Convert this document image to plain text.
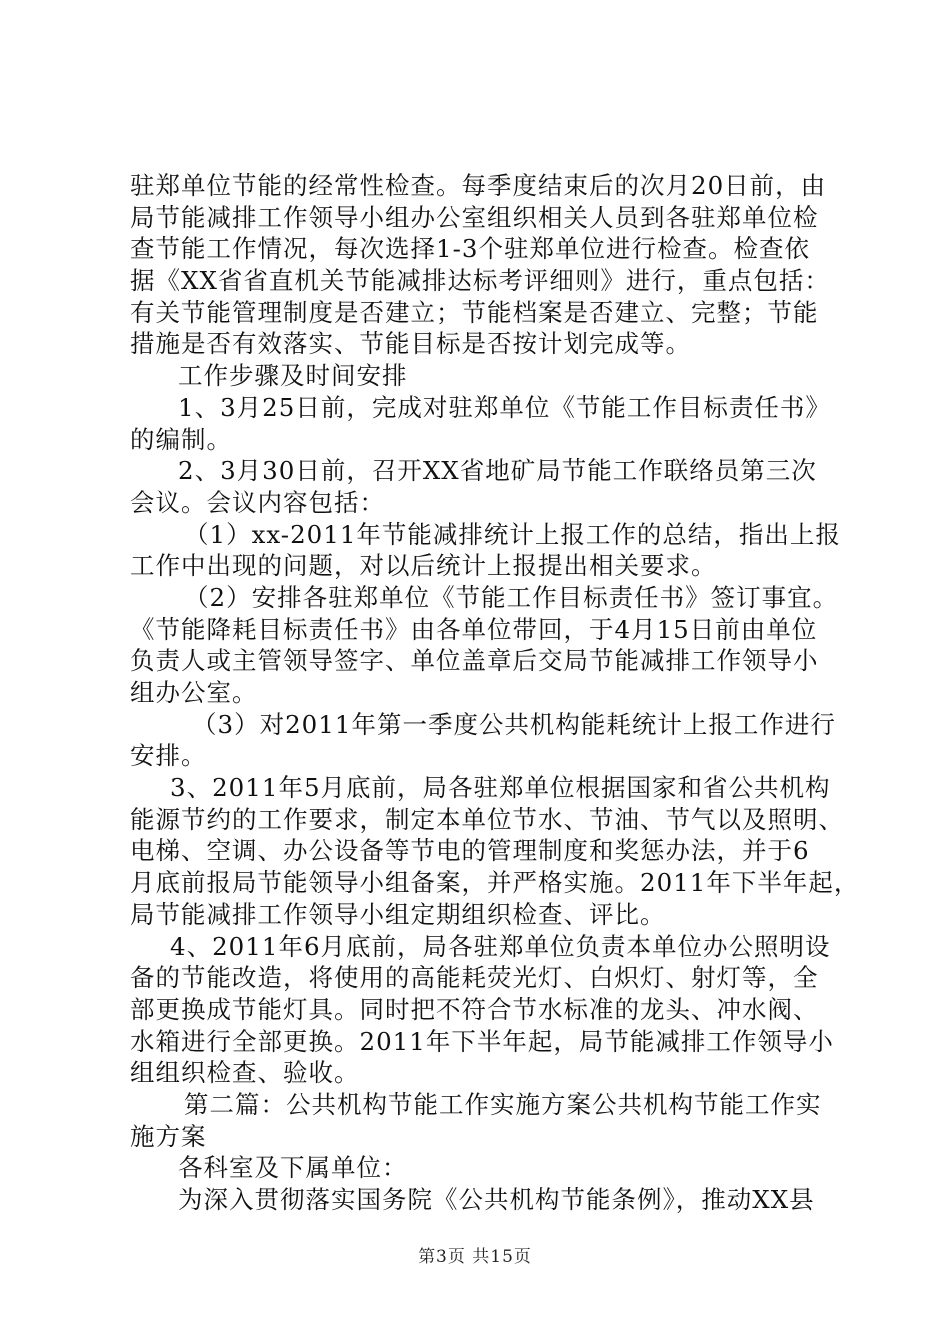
驻郑单位节能的经常性检查。每季度结束后的次月20日前，由
局节能减排工作领导小组办公室组织相关人员到各驻郑单位检
查节能工作情况，每次选择1-3个驻郑单位进行检查。检查依
据《XX省省直机关节能减排达标考评细则》进行，重点包括：
有关节能管理制度是否建立；节能档案是否建立、完整；节能
措施是否有效落实、节能目标是否按计划完成等。
工作步骤及时间安排
1、3月25日前，完成对驻郑单位《节能工作目标责任书》
的编制。
2、3月30日前，召开XX省地矿局节能工作联络员第三次
会议。会议内容包括：
（1）xx-2011年节能减排统计上报工作的总结，指出上报
工作中出现的问题，对以后统计上报提出相关要求。
（2）安排各驻郑单位《节能工作目标责任书》签订事宜。
《节能降耗目标责任书》由各单位带回，于4月15日前由单位
负责人或主管领导签字、单位盖章后交局节能减排工作领导小
组办公室。
（3）对2011年第一季度公共机构能耗统计上报工作进行
安排。
3、2011年5月底前，局各驻郑单位根据国家和省公共机构
能源节约的工作要求，制定本单位节水、节油、节气以及照明、
电梯、空调、办公设备等节电的管理制度和奖惩办法，并于6
月底前报局节能领导小组备案，并严格实施。2011年下半年起，
局节能减排工作领导小组定期组织检查、评比。
4、2011年6月底前，局各驻郑单位负责本单位办公照明设
备的节能改造，将使用的高能耗荧光灯、白炽灯、射灯等，全
部更换成节能灯具。同时把不符合节水标准的龙头、冲水阀、
水箱进行全部更换。2011年下半年起，局节能减排工作领导小
组组织检查、验收。
第二篇：公共机构节能工作实施方案公共机构节能工作实
施方案
各科室及下属单位：
为深入贯彻落实国务院《公共机构节能条例》，推动XX县
第3页 共15页
